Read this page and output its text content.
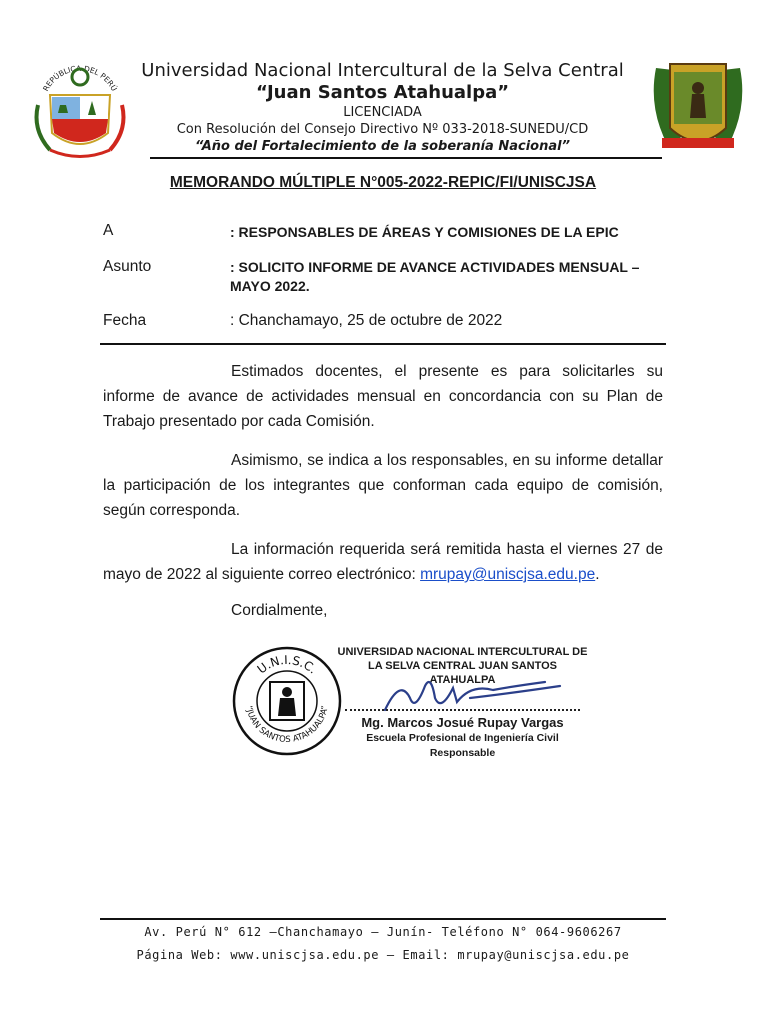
REPÚBLICA DEL PERÚ
Universidad Nacional Intercultural de la Selva Central
“Juan Santos Atahualpa”
LICENCIADA
Con Resolución del Consejo Directivo Nº 033-2018-SUNEDU/CD
“Año del Fortalecimiento de la soberanía Nacional”
MEMORANDO MÚLTIPLE N°005-2022-REPIC/FI/UNISCJSA
A	: RESPONSABLES DE ÁREAS Y COMISIONES DE LA EPIC
Asunto	: SOLICITO INFORME DE AVANCE ACTIVIDADES MENSUAL – MAYO 2022.
Fecha	: Chanchamayo, 25 de octubre de 2022

Estimados docentes, el presente es para solicitarles su informe de avance de actividades mensual en concordancia con su Plan de Trabajo presentado por cada Comisión.

Asimismo, se indica a los responsables, en su informe detallar la participación de los integrantes que conforman cada equipo de comisión, según corresponda.

La información requerida será remitida hasta el viernes 27 de mayo de 2022 al siguiente correo electrónico: mrupay@uniscjsa.edu.pe.

Cordialmente,
U.N.I.S.C.
“JUAN SANTOS ATAHUALPA”
UNIVERSIDAD NACIONAL INTERCULTURAL DE
LA SELVA CENTRAL JUAN SANTOS ATAHUALPA
Mg. Marcos Josué Rupay Vargas
Escuela Profesional de Ingeniería Civil
Responsable
Av. Perú N° 612 –Chanchamayo – Junín- Teléfono N° 064-9606267
Página Web: www.uniscjsa.edu.pe – Email: mrupay@uniscjsa.edu.pe
